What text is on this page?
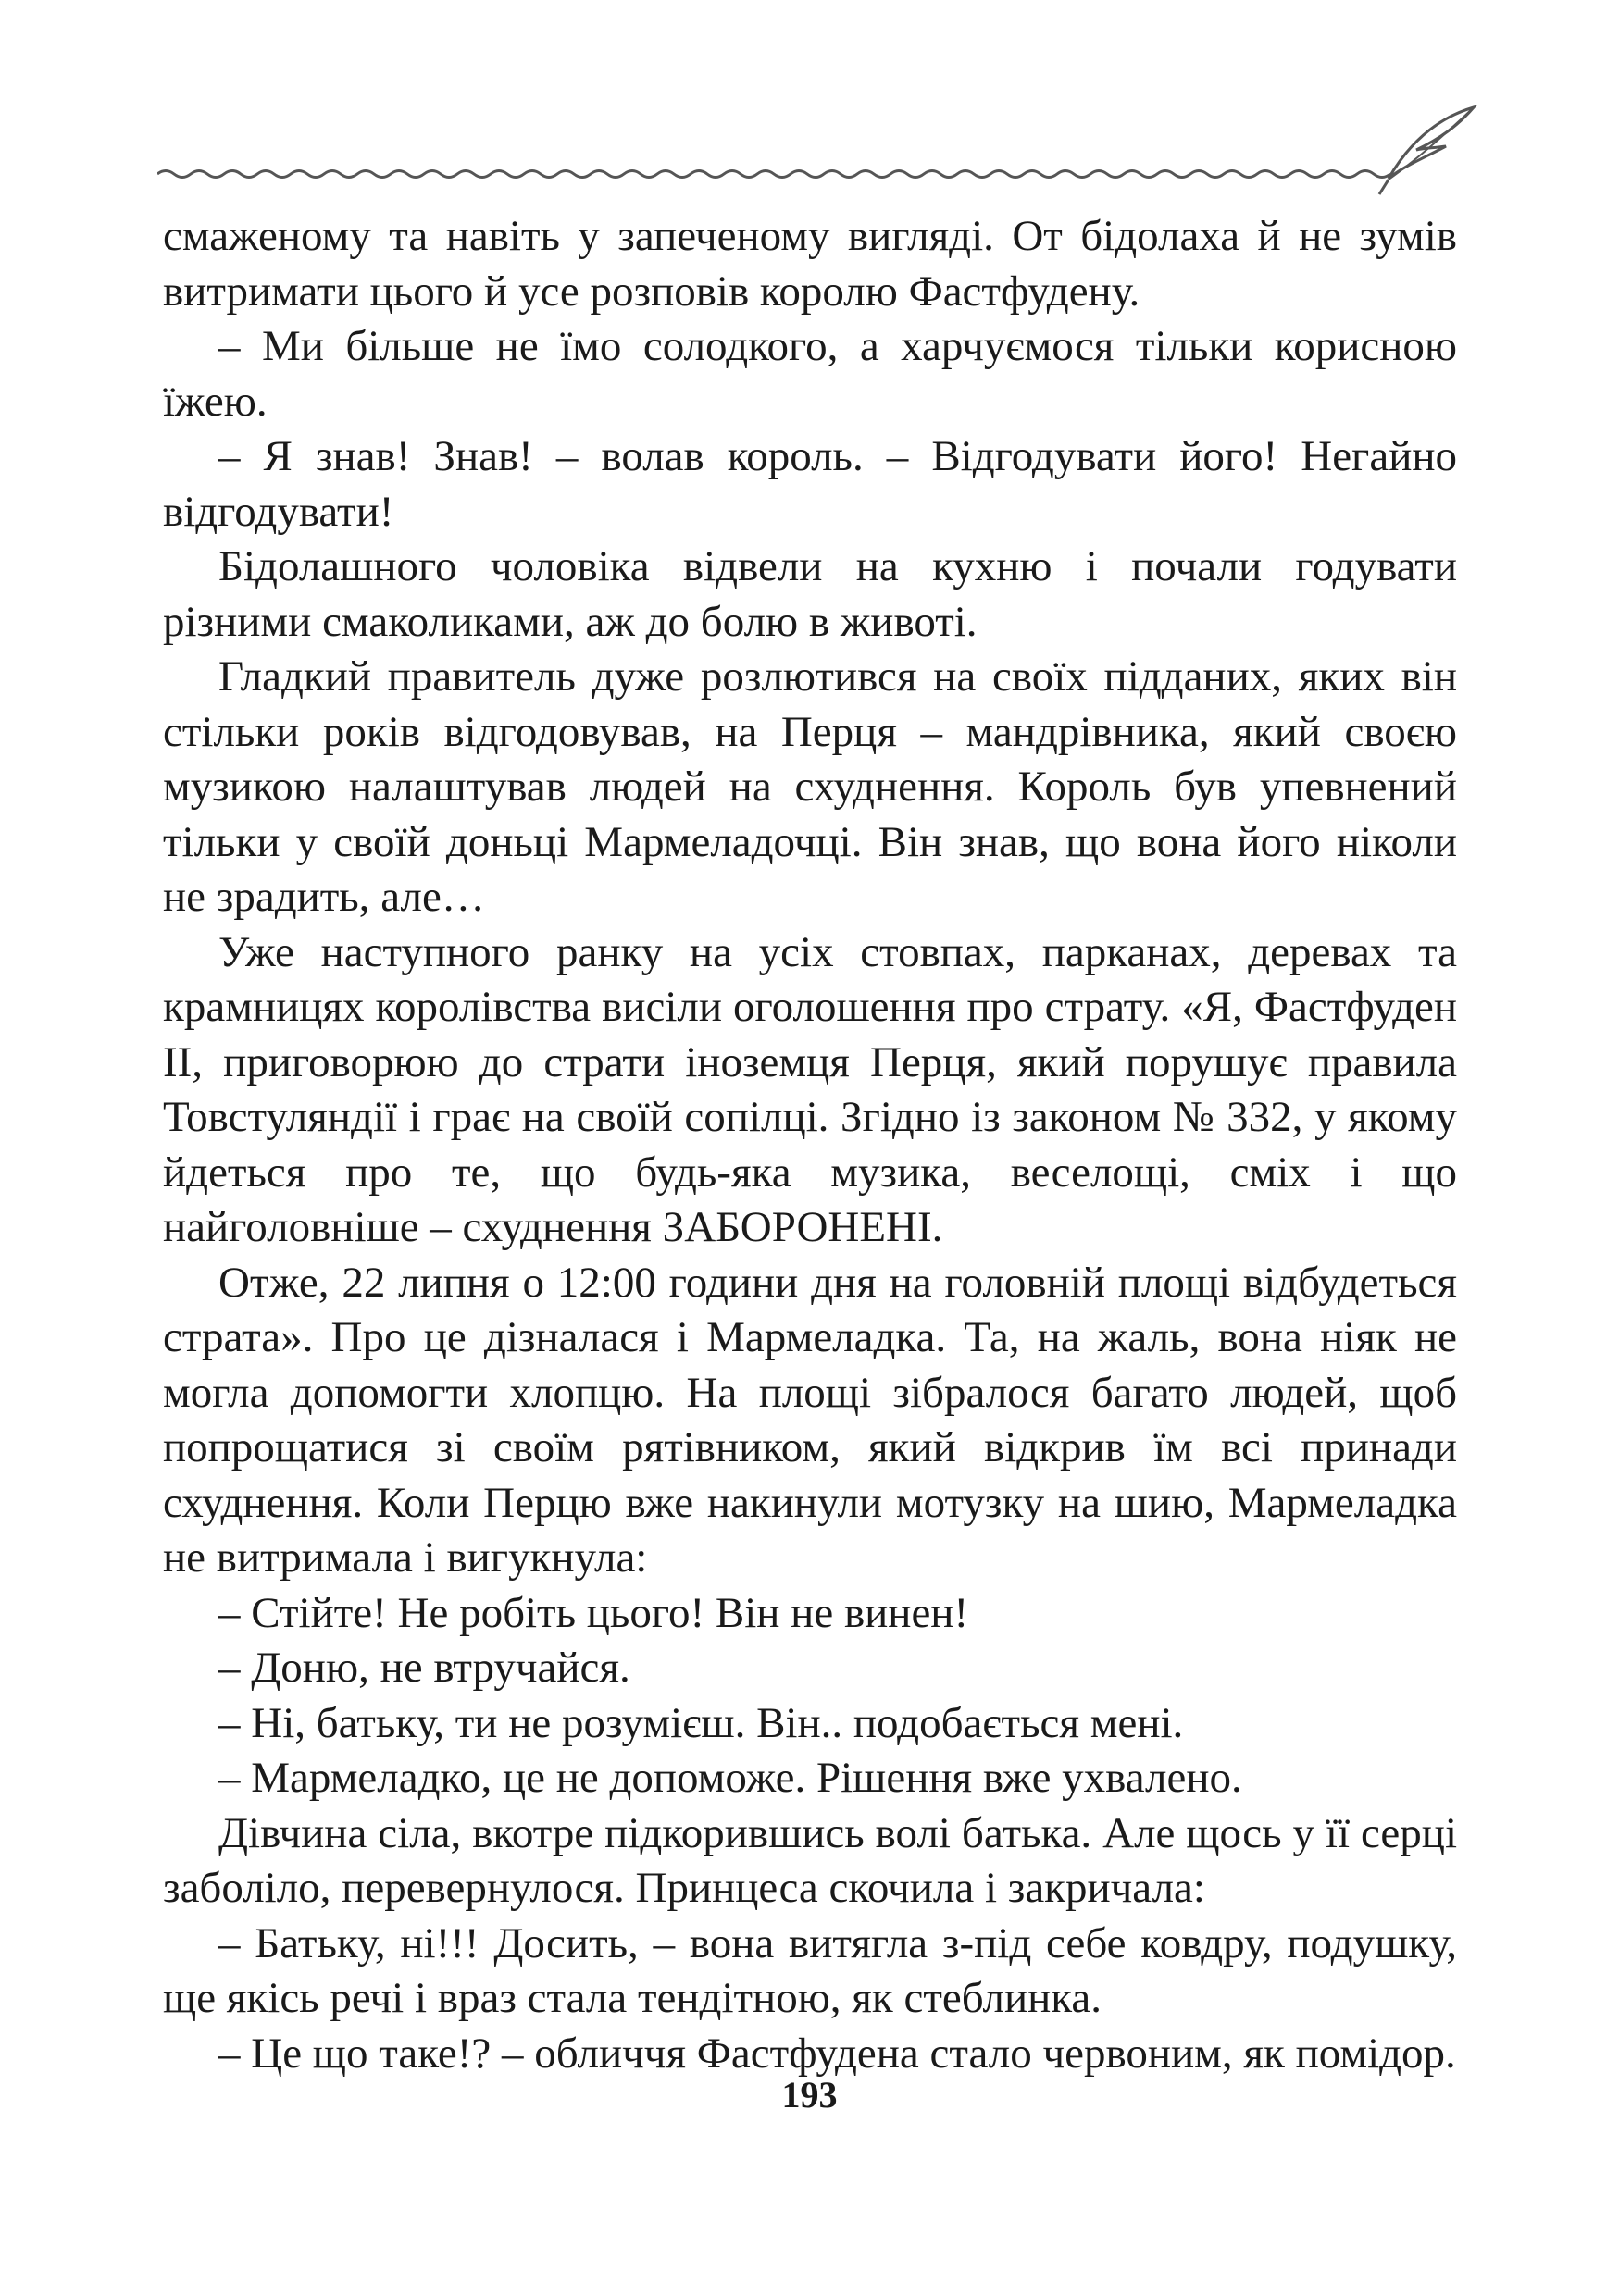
смаженому та навіть у запеченому вигляді. От бідолаха й не зумів витримати цього й усе розповів королю Фастфудену.

– Ми більше не їмо солодкого, а харчуємося тільки корисною їжею.

– Я знав! Знав! – волав король. – Відгодувати його! Негайно відгодувати!

Бідолашного чоловіка відвели на кухню і почали годувати різними смаколиками, аж до болю в животі.

Гладкий правитель дуже розлютився на своїх підданих, яких він стільки років відгодовував, на Перця – мандрівника, який своєю музикою налаштував людей на схуднення. Король був упевнений тільки у своїй доньці Мармеладочці. Він знав, що вона його ніколи не зрадить, але…

Уже наступного ранку на усіх стовпах, парканах, деревах та крамницях королівства висіли оголошення про страту. «Я, Фастфуден ІІ, приговорюю до страти іноземця Перця, який порушує правила Товстуляндії і грає на своїй сопілці. Згідно із законом № 332, у якому йдеться про те, що будь-яка музика, веселощі, сміх і що найголовніше – схуднення ЗАБОРОНЕНІ.

Отже, 22 липня о 12:00 години дня на головній площі відбудеться страта». Про це дізналася і Мармеладка. Та, на жаль, вона ніяк не могла допомогти хлопцю. На площі зібралося багато людей, щоб попрощатися зі своїм рятівником, який відкрив їм всі принади схуднення. Коли Перцю вже накинули мотузку на шию, Мармеладка не витримала і вигукнула:

– Стійте! Не робіть цього! Він не винен!

– Доню, не втручайся.

– Ні, батьку, ти не розумієш. Він.. подобається мені.

– Мармеладко, це не допоможе. Рішення вже ухвалено.

Дівчина сіла, вкотре підкорившись волі батька. Але щось у її серці заболіло, перевернулося. Принцеса скочила і закричала:

– Батьку, ні!!! Досить, – вона витягла з-під себе ковдру, подушку, ще якісь речі і враз стала тендітною, як стеблинка.

– Це що таке!? – обличчя Фастфудена стало червоним, як помідор.

193
